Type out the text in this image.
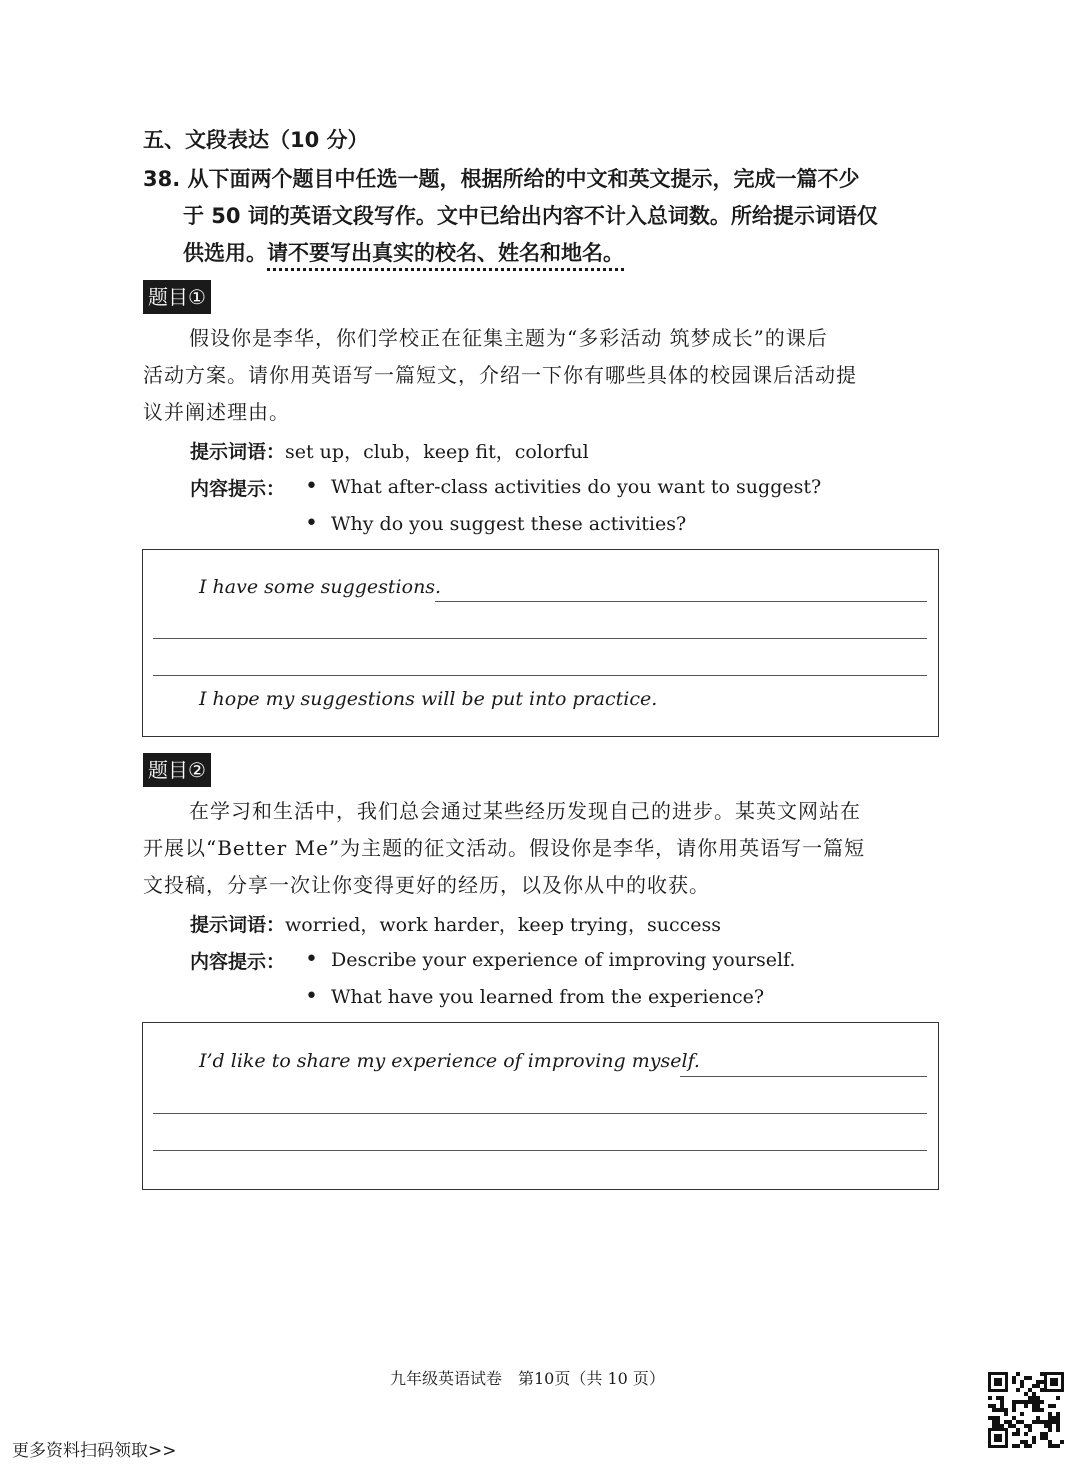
五、文段表达（10 分）
38. 从下面两个题目中任选一题，根据所给的中文和英文提示，完成一篇不少
于 50 词的英语文段写作。文中已给出内容不计入总词数。所给提示词语仅
供选用。请不要写出真实的校名、姓名和地名。
题目①
假设你是李华，你们学校正在征集主题为“多彩活动 筑梦成长”的课后
活动方案。请你用英语写一篇短文，介绍一下你有哪些具体的校园课后活动提
议并阐述理由。
提示词语：set up，club，keep fit，colorful
内容提示：	• What after-class activities do you want to suggest?
• Why do you suggest these activities?
I have some suggestions.
I hope my suggestions will be put into practice.
题目②
在学习和生活中，我们总会通过某些经历发现自己的进步。某英文网站在
开展以“Better Me”为主题的征文活动。假设你是李华，请你用英语写一篇短
文投稿，分享一次让你变得更好的经历，以及你从中的收获。
提示词语：worried，work harder，keep trying，success
内容提示：	• Describe your experience of improving yourself.
• What have you learned from the experience?
I’d like to share my experience of improving myself.
九年级英语试卷　第10页（共 10 页）
更多资料扫码领取>>
